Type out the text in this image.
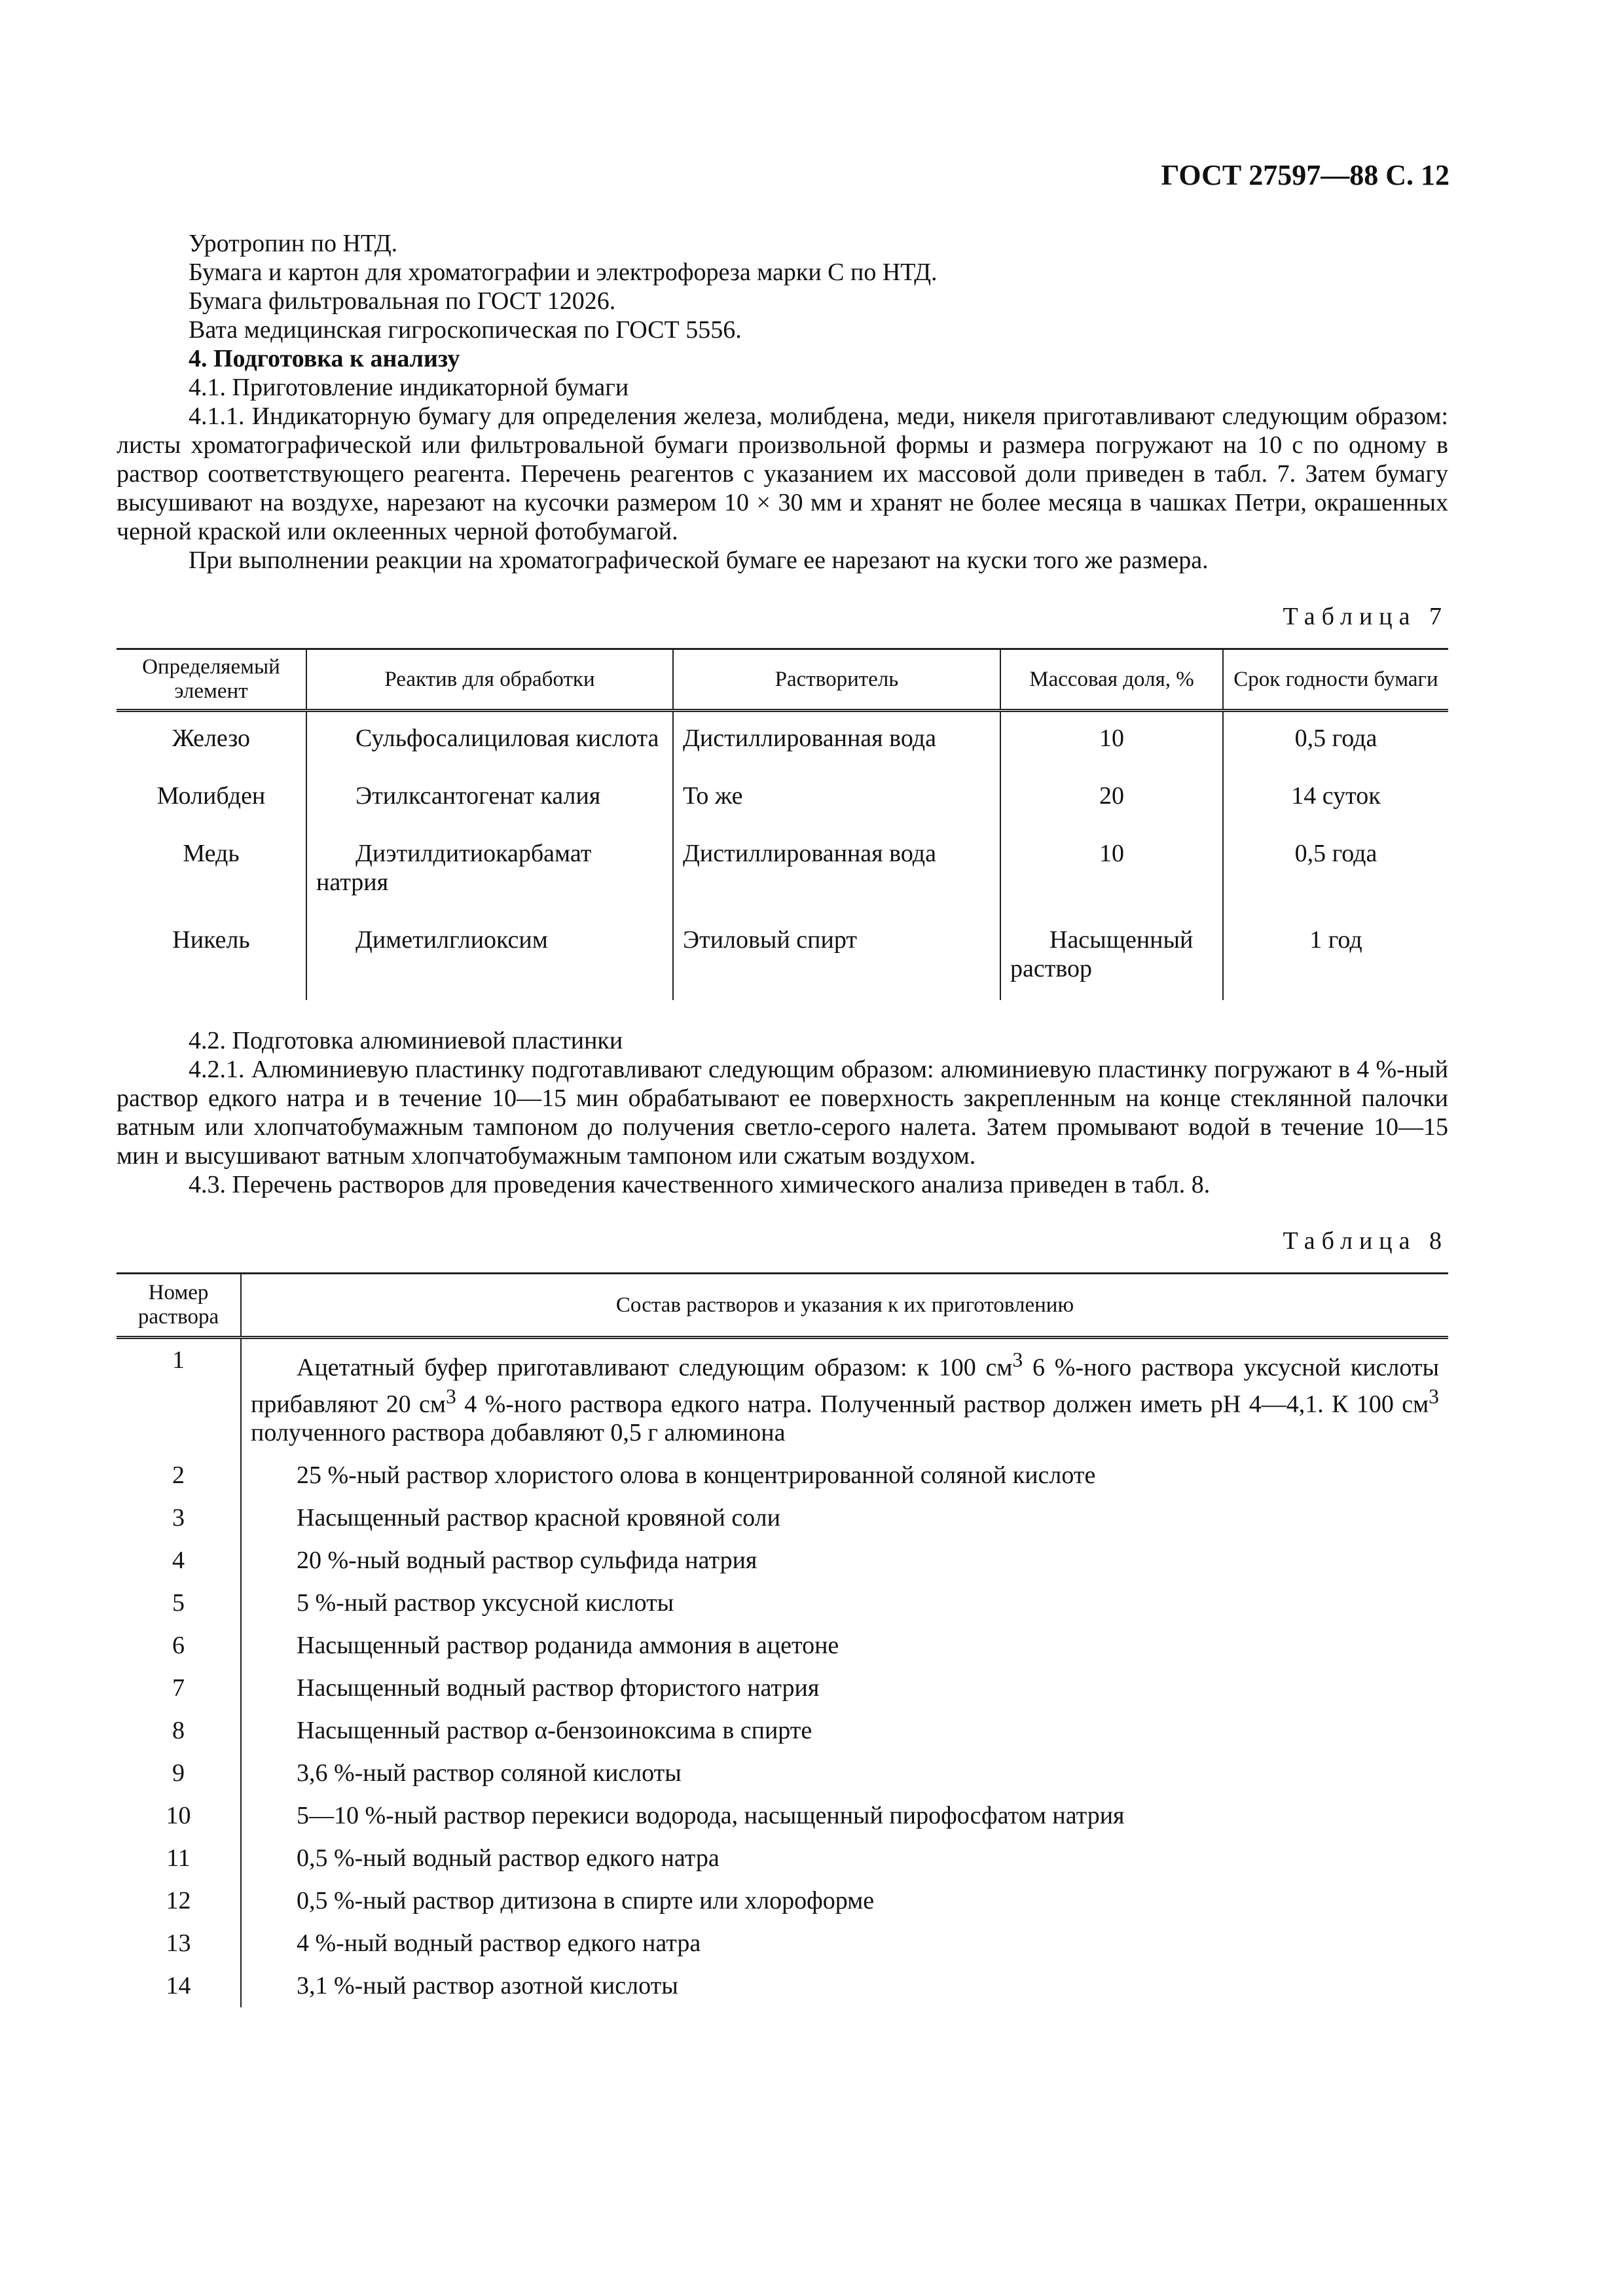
ГОСТ 27597—88 С. 12

Уротропин по НТД.

Бумага и картон для хроматографии и электрофореза марки С по НТД.

Бумага фильтровальная по ГОСТ 12026.

Вата медицинская гигроскопическая по ГОСТ 5556.

4. Подготовка к анализу

4.1. Приготовление индикаторной бумаги

4.1.1. Индикаторную бумагу для определения железа, молибдена, меди, никеля приготавливают следующим образом: листы хроматографической или фильтровальной бумаги произвольной формы и размера погружают на 10 с по одному в раствор соответствующего реагента. Перечень реагентов с указанием их массовой доли приведен в табл. 7. Затем бумагу высушивают на воздухе, нарезают на кусочки размером 10 × 30 мм и хранят не более месяца в чашках Петри, окрашенных черной краской или оклеенных черной фотобумагой.

При выполнении реакции на хроматографической бумаге ее нарезают на куски того же размера.

Таблица 7

Определяемый элемент	Реактив для обработки	Растворитель	Массовая доля, %	Срок годности бумаги
Железо	Сульфосалициловая кислота	Дистиллированная вода	10	0,5 года
Молибден	Этилксантогенат калия	То же	20	14 суток
Медь	Диэтилдитиокарбамат натрия	Дистиллированная вода	10	0,5 года
Никель	Диметилглиоксим	Этиловый спирт	Насыщенный раствор	1 год

4.2. Подготовка алюминиевой пластинки

4.2.1. Алюминиевую пластинку подготавливают следующим образом: алюминиевую пластинку погружают в 4 %-ный раствор едкого натра и в течение 10—15 мин обрабатывают ее поверхность закрепленным на конце стеклянной палочки ватным или хлопчатобумажным тампоном до получения светло-серого налета. Затем промывают водой в течение 10—15 мин и высушивают ватным хлопчатобумажным тампоном или сжатым воздухом.

4.3. Перечень растворов для проведения качественного химического анализа приведен в табл. 8.

Таблица 8

Номер раствора	Состав растворов и указания к их приготовлению
1	Ацетатный буфер приготавливают следующим образом: к 100 $см^3$ 6 %-ного раствора уксусной кислоты прибавляют 20 $см^3$ 4 %-ного раствора едкого натра. Полученный раствор должен иметь рН 4—4,1. К 100 $см^3$ полученного раствора добавляют 0,5 г алюминона
2	25 %-ный раствор хлористого олова в концентрированной соляной кислоте
3	Насыщенный раствор красной кровяной соли
4	20 %-ный водный раствор сульфида натрия
5	5 %-ный раствор уксусной кислоты
6	Насыщенный раствор роданида аммония в ацетоне
7	Насыщенный водный раствор фтористого натрия
8	Насыщенный раствор α-бензоиноксима в спирте
9	3,6 %-ный раствор соляной кислоты
10	5—10 %-ный раствор перекиси водорода, насыщенный пирофосфатом натрия
11	0,5 %-ный водный раствор едкого натра
12	0,5 %-ный раствор дитизона в спирте или хлороформе
13	4 %-ный водный раствор едкого натра
14	3,1 %-ный раствор азотной кислоты
